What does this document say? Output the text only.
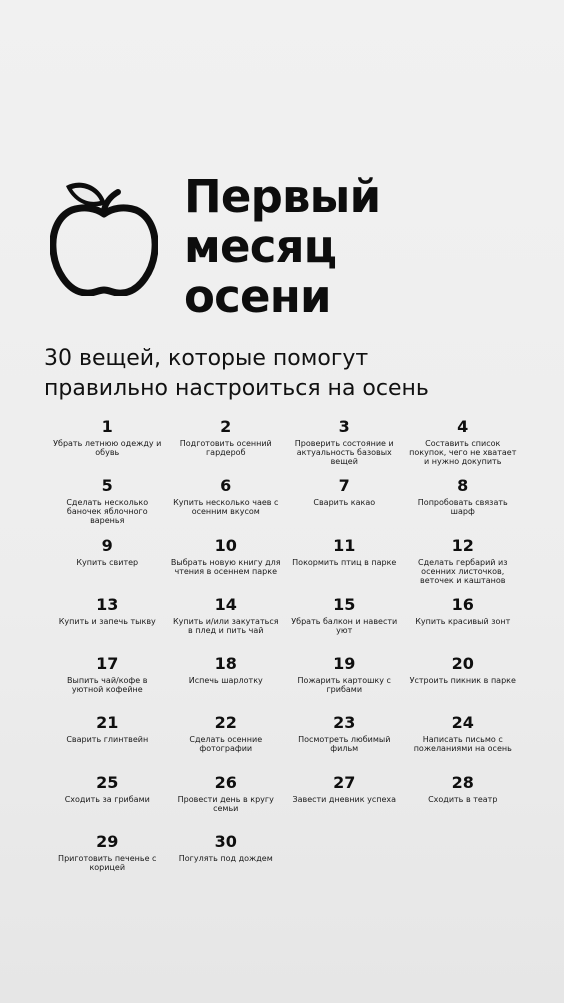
Первый
месяц
осени
30 вещей, которые помогут
правильно настроиться на осень
1
Убрать летнюю одежду и обувь
2
Подготовить осенний гардероб
3
Проверить состояние и актуальность базовых вещей
4
Составить список покупок, чего не хватает и нужно докупить
5
Сделать несколько баночек яблочного варенья
6
Купить несколько чаев с осенним вкусом
7
Сварить какао
8
Попробовать связать шарф
9
Купить свитер
10
Выбрать новую книгу для чтения в осеннем парке
11
Покормить птиц в парке
12
Сделать гербарий из осенних листочков, веточек и каштанов
13
Купить и запечь тыкву
14
Купить и/или закутаться в плед и пить чай
15
Убрать балкон и навести уют
16
Купить красивый зонт
17
Выпить чай/кофе в уютной кофейне
18
Испечь шарлотку
19
Пожарить картошку с грибами
20
Устроить пикник в парке
21
Сварить глинтвейн
22
Сделать осенние фотографии
23
Посмотреть любимый фильм
24
Написать письмо с пожеланиями на осень
25
Сходить за грибами
26
Провести день в кругу семьи
27
Завести дневник успеха
28
Сходить в театр
29
Приготовить печенье с корицей
30
Погулять под дождем
